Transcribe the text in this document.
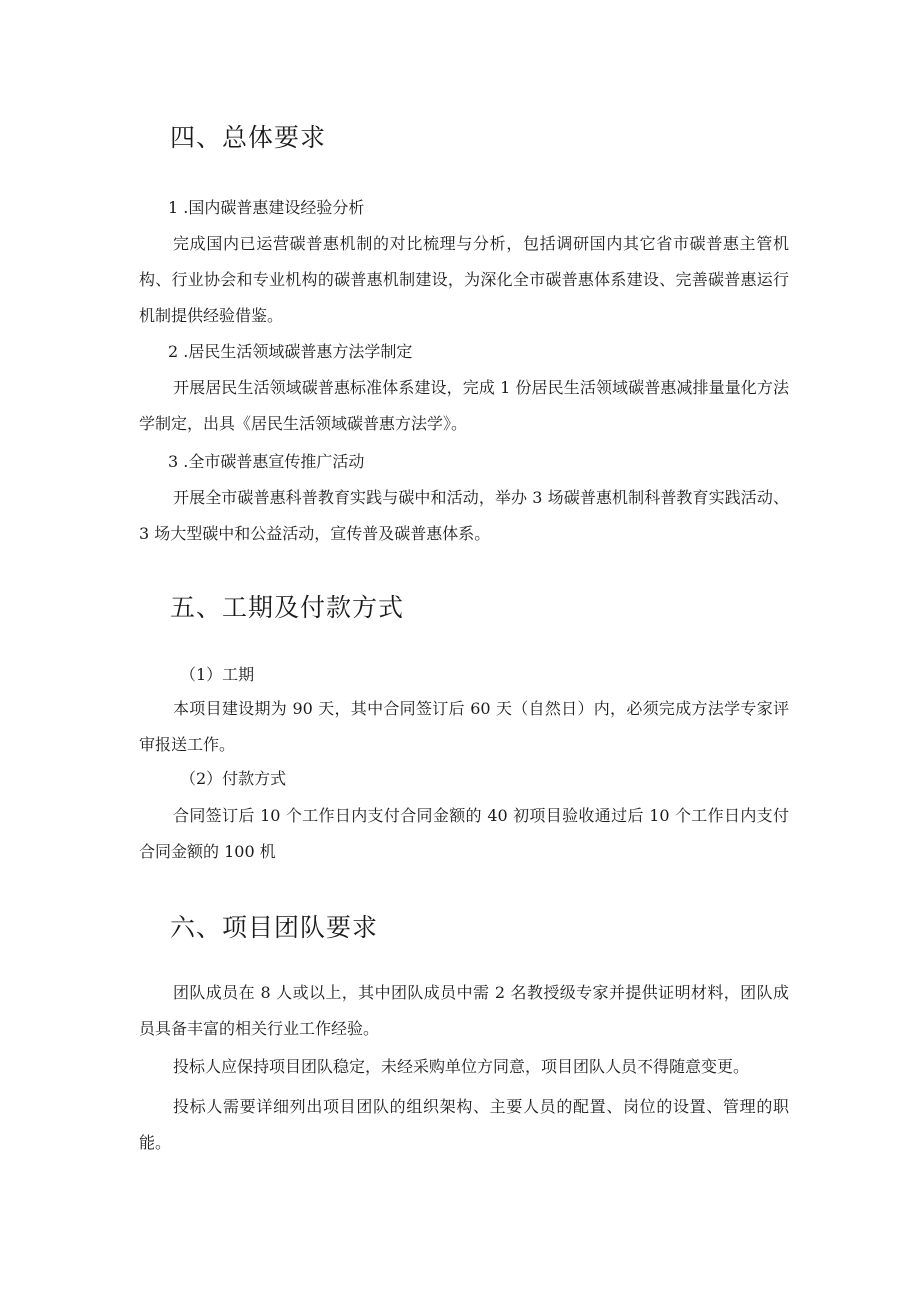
四、总体要求
1 .国内碳普惠建设经验分析

完成国内已运营碳普惠机制的对比梳理与分析，包括调研国内其它省市碳普惠主管机构、行业协会和专业机构的碳普惠机制建设，为深化全市碳普惠体系建设、完善碳普惠运行机制提供经验借鉴。

2 .居民生活领域碳普惠方法学制定

开展居民生活领域碳普惠标准体系建设，完成 1 份居民生活领域碳普惠减排量量化方法学制定，出具《居民生活领域碳普惠方法学》。

3 .全市碳普惠宣传推广活动

开展全市碳普惠科普教育实践与碳中和活动，举办 3 场碳普惠机制科普教育实践活动、3 场大型碳中和公益活动，宣传普及碳普惠体系。

五、工期及付款方式
（1）工期

本项目建设期为 90 天，其中合同签订后 60 天（自然日）内，必须完成方法学专家评审报送工作。

（2）付款方式

合同签订后 10 个工作日内支付合同金额的 40 初项目验收通过后 10 个工作日内支付合同金额的 100 机

六、项目团队要求

团队成员在 8 人或以上，其中团队成员中需 2 名教授级专家并提供证明材料，团队成员具备丰富的相关行业工作经验。

投标人应保持项目团队稳定，未经采购单位方同意，项目团队人员不得随意变更。

投标人需要详细列出项目团队的组织架构、主要人员的配置、岗位的设置、管理的职能。
